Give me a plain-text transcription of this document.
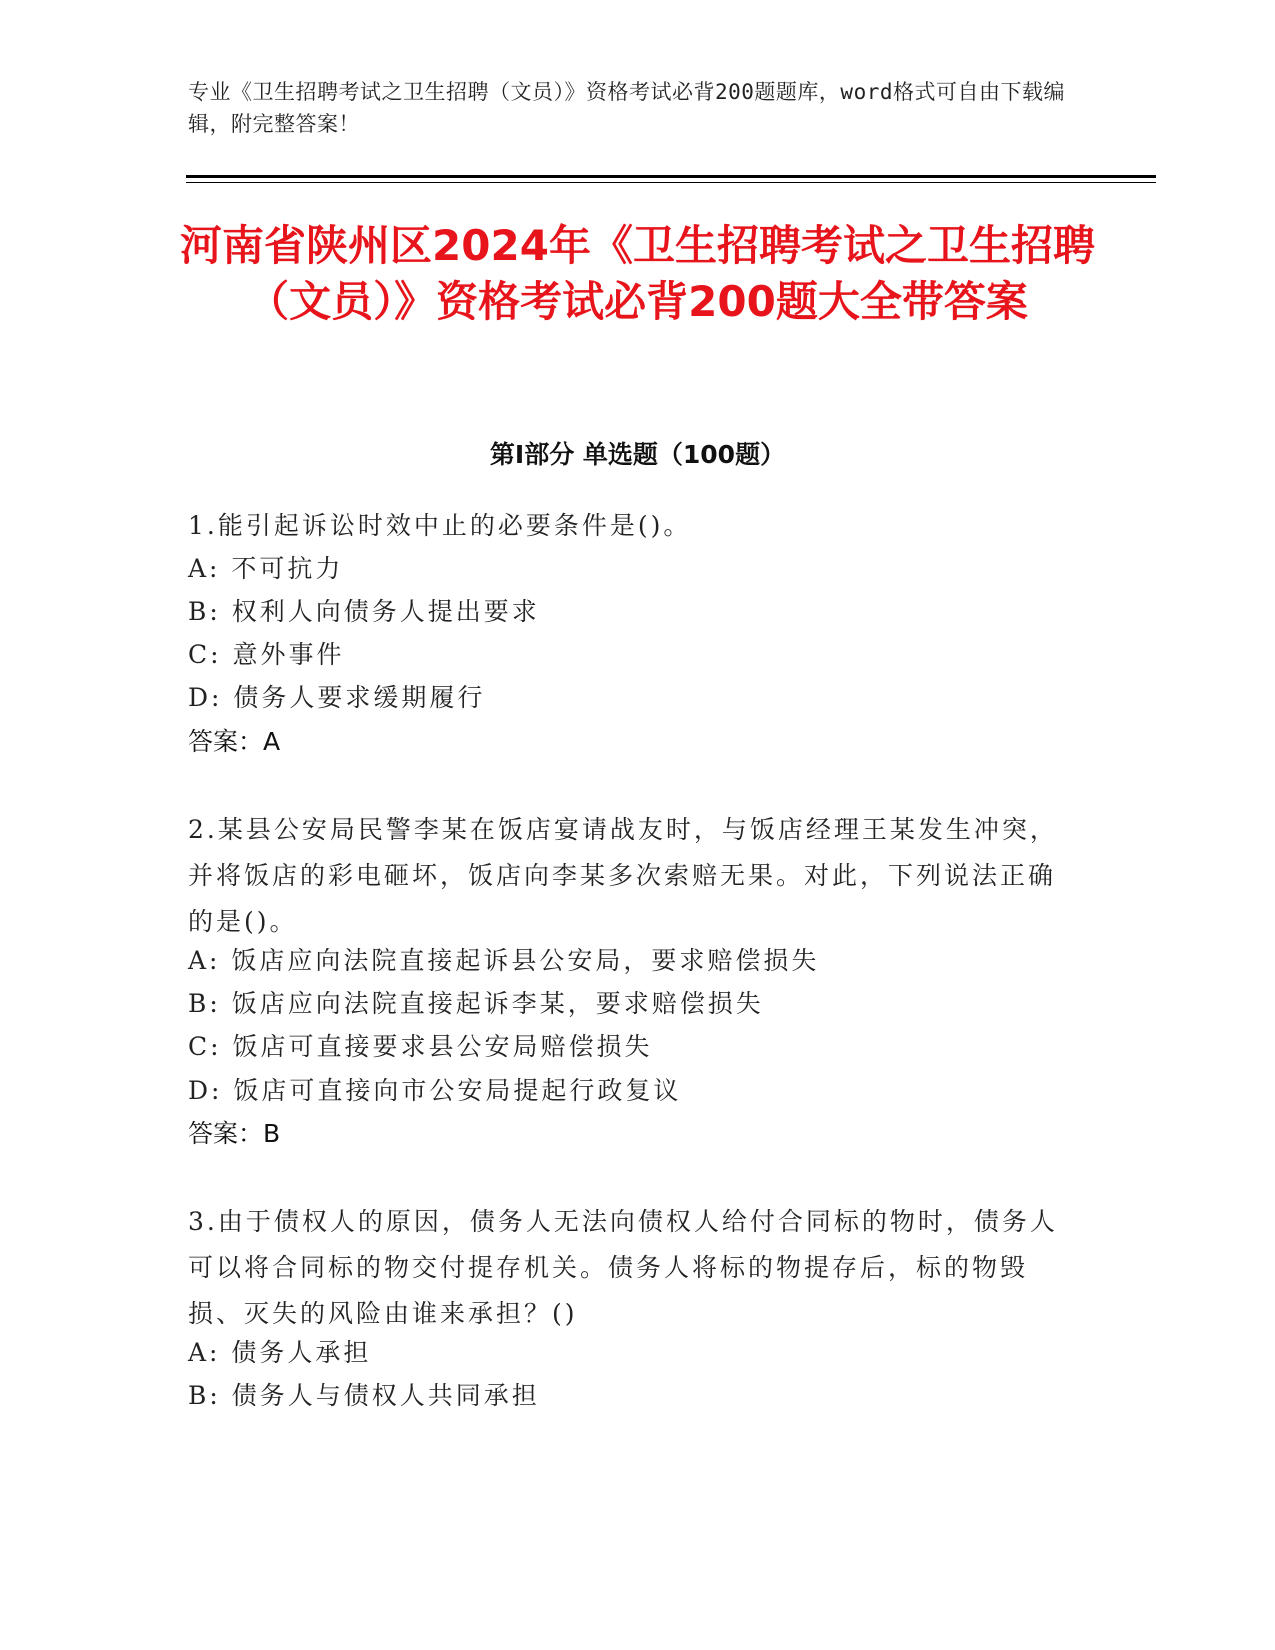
专业《卫生招聘考试之卫生招聘（文员）》资格考试必背200题题库，word格式可自由下载编辑，附完整答案！
河南省陕州区2024年《卫生招聘考试之卫生招聘（文员）》资格考试必背200题大全带答案
第Ⅰ部分 单选题（100题）

1.能引起诉讼时效中止的必要条件是()。

A: 不可抗力

B: 权利人向债务人提出要求

C: 意外事件

D: 债务人要求缓期履行

答案：A

2.某县公安局民警李某在饭店宴请战友时，与饭店经理王某发生冲突，并将饭店的彩电砸坏，饭店向李某多次索赔无果。对此，下列说法正确的是()。

A: 饭店应向法院直接起诉县公安局，要求赔偿损失

B: 饭店应向法院直接起诉李某，要求赔偿损失

C: 饭店可直接要求县公安局赔偿损失

D: 饭店可直接向市公安局提起行政复议

答案：B

3.由于债权人的原因，债务人无法向债权人给付合同标的物时，债务人可以将合同标的物交付提存机关。债务人将标的物提存后，标的物毁损、灭失的风险由谁来承担？()

A: 债务人承担

B: 债务人与债权人共同承担
